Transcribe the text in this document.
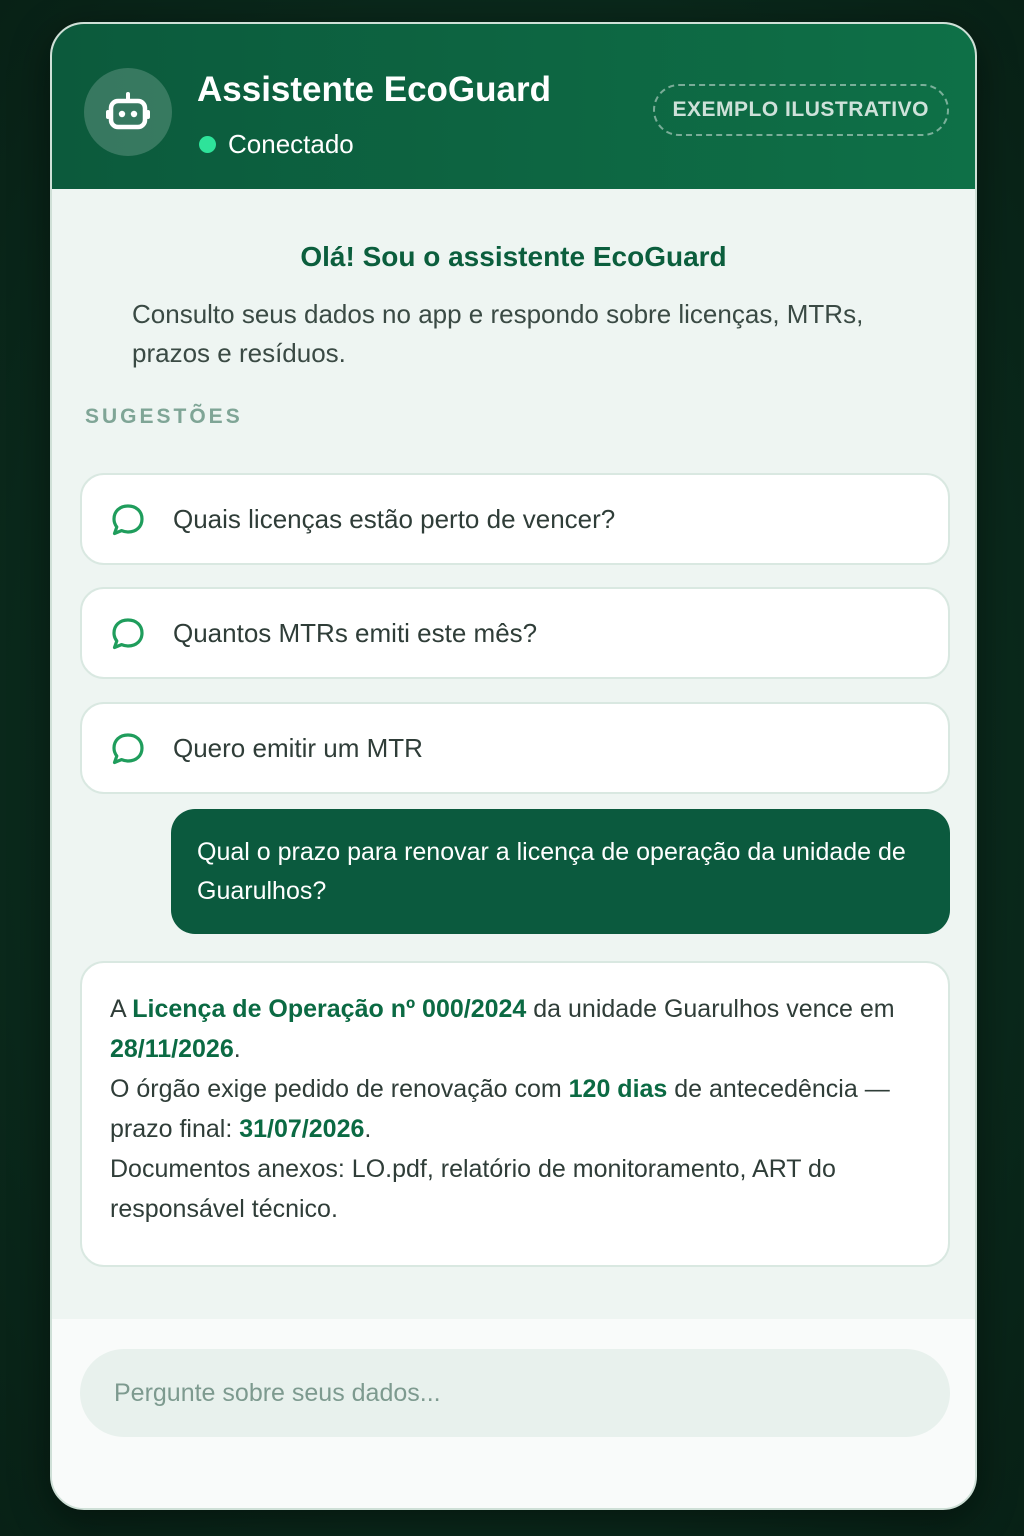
Assistente EcoGuard
Conectado
EXEMPLO ILUSTRATIVO
Olá! Sou o assistente EcoGuard
Consulto seus dados no app e respondo sobre licenças, MTRs, prazos e resíduos.
SUGESTÕES
Quais licenças estão perto de vencer?
Quantos MTRs emiti este mês?
Quero emitir um MTR
Qual o prazo para renovar a licença de operação da unidade de Guarulhos?
A Licença de Operação nº 000/2024 da unidade Guarulhos vence em 28/11/2026.
O órgão exige pedido de renovação com 120 dias de antecedência — prazo final: 31/07/2026.
Documentos anexos: LO.pdf, relatório de monitoramento, ART do responsável técnico.
Pergunte sobre seus dados...
